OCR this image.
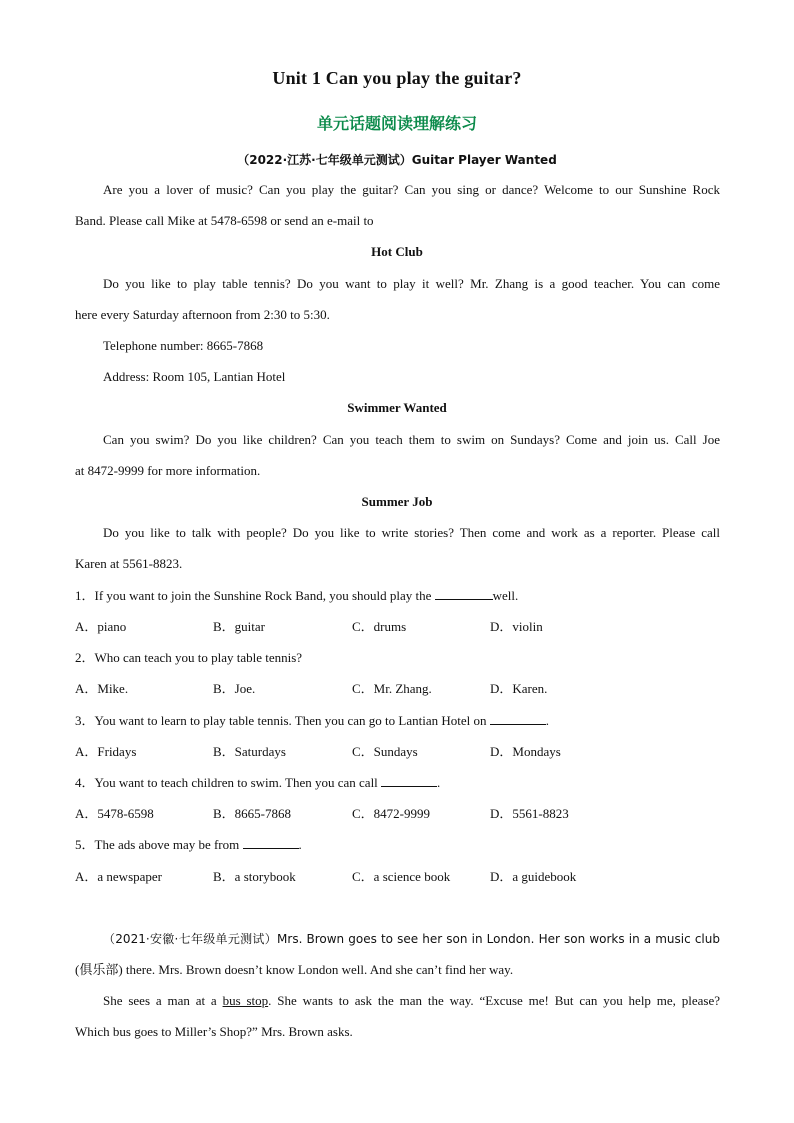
Unit 1 Can you play the guitar?
单元话题阅读理解练习
（2022·江苏·七年级单元测试）Guitar Player Wanted
Are you a lover of music? Can you play the guitar? Can you sing or dance? Welcome to our Sunshine Rock
Band. Please call Mike at 5478-6598 or send an e-mail to
Hot Club
Do you like to play table tennis? Do you want to play it well? Mr. Zhang is a good teacher. You can come
here every Saturday afternoon from 2:30 to 5:30.
Telephone number: 8665-7868
Address: Room 105, Lantian Hotel
Swimmer Wanted
Can you swim? Do you like children? Can you teach them to swim on Sundays? Come and join us. Call Joe
at 8472-9999 for more information.
Summer Job
Do you like to talk with people? Do you like to write stories? Then come and work as a reporter. Please call
Karen at 5561-8823.
1．If you want to join the Sunshine Rock Band, you should play the	well.
A．piano	B．guitar	C．drums	D．violin
2．Who can teach you to play table tennis?
A．Mike.	B．Joe.	C．Mr. Zhang.	D．Karen.
3．You want to learn to play table tennis. Then you can go to Lantian Hotel on	.
A．Fridays	B．Saturdays	C．Sundays	D．Mondays
4．You want to teach children to swim. Then you can call	.
A．5478-6598	B．8665-7868	C．8472-9999	D．5561-8823
5．The ads above may be from	.
A．a newspaper	B．a storybook	C．a science book	D．a guidebook
（2021·安徽·七年级单元测试）Mrs. Brown goes to see her son in London. Her son works in a music club
(俱乐部) there. Mrs. Brown doesn’t know London well. And she can’t find her way.
She sees a man at a bus stop. She wants to ask the man the way. “Excuse me! But can you help me, please?
Which bus goes to Miller’s Shop?” Mrs. Brown asks.
